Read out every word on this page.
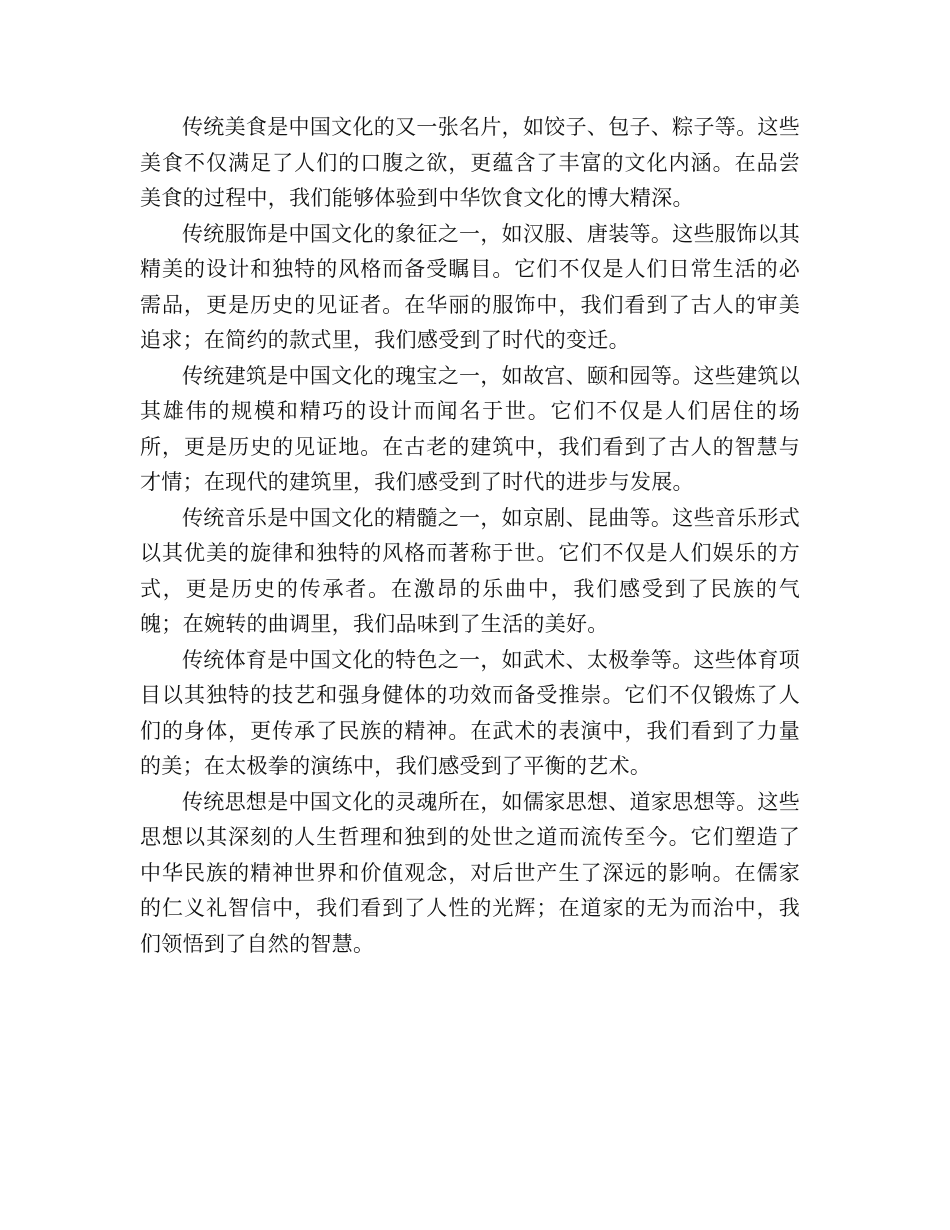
传统美食是中国文化的又一张名片，如饺子、包子、粽子等。这些美食不仅满足了人们的口腹之欲，更蕴含了丰富的文化内涵。在品尝美食的过程中，我们能够体验到中华饮食文化的博大精深。

传统服饰是中国文化的象征之一，如汉服、唐装等。这些服饰以其精美的设计和独特的风格而备受瞩目。它们不仅是人们日常生活的必需品，更是历史的见证者。在华丽的服饰中，我们看到了古人的审美追求；在简约的款式里，我们感受到了时代的变迁。

传统建筑是中国文化的瑰宝之一，如故宫、颐和园等。这些建筑以其雄伟的规模和精巧的设计而闻名于世。它们不仅是人们居住的场所，更是历史的见证地。在古老的建筑中，我们看到了古人的智慧与才情；在现代的建筑里，我们感受到了时代的进步与发展。

传统音乐是中国文化的精髓之一，如京剧、昆曲等。这些音乐形式以其优美的旋律和独特的风格而著称于世。它们不仅是人们娱乐的方式，更是历史的传承者。在激昂的乐曲中，我们感受到了民族的气魄；在婉转的曲调里，我们品味到了生活的美好。

传统体育是中国文化的特色之一，如武术、太极拳等。这些体育项目以其独特的技艺和强身健体的功效而备受推崇。它们不仅锻炼了人们的身体，更传承了民族的精神。在武术的表演中，我们看到了力量的美；在太极拳的演练中，我们感受到了平衡的艺术。

传统思想是中国文化的灵魂所在，如儒家思想、道家思想等。这些思想以其深刻的人生哲理和独到的处世之道而流传至今。它们塑造了中华民族的精神世界和价值观念，对后世产生了深远的影响。在儒家的仁义礼智信中，我们看到了人性的光辉；在道家的无为而治中，我们领悟到了自然的智慧。
